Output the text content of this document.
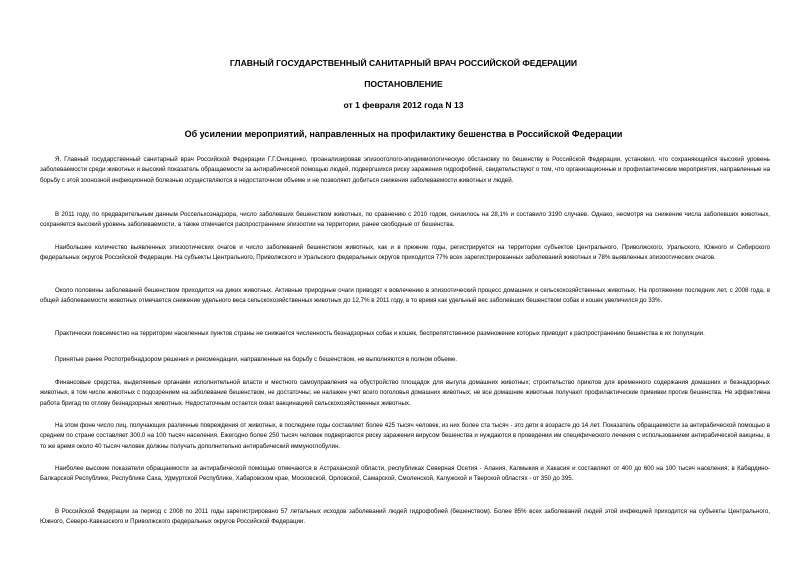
ГЛАВНЫЙ ГОСУДАРСТВЕННЫЙ САНИТАРНЫЙ ВРАЧ РОССИЙСКОЙ ФЕДЕРАЦИИ
ПОСТАНОВЛЕНИЕ
от 1 февраля 2012 года N 13
Об усилении мероприятий, направленных на профилактику бешенства в Российской Федерации

Я, Главный государственный санитарный врач Российской Федерации Г.Г.Онищенко, проанализировав эпизоотолого-эпидемиологическую обстановку по бешенству в Российской Федерации, установил, что сохраняющийся высокий уровень заболеваемости среди животных и высокий показатель обращаемости за антирабической помощью людей, подвергшихся риску заражения гидрофобией, свидетельствуют о том, что организационные и профилактические мероприятия, направленные на борьбу с этой зоонозной инфекционной болезнью осуществляются в недостаточном объеме и не позволяют добиться снижения заболеваемости животных и людей.

В 2011 году, по предварительным данным Россельхознадзора, число заболевших бешенством животных, по сравнению с 2010 годом, снизилось на 28,1% и составило 3190 случаев. Однако, несмотря на снижение числа заболевших животных, сохраняется высокий уровень заболеваемости, а также отмечается распространение эпизоотии на территории, ранее свободные от бешенства.

Наибольшее количество выявленных эпизоотических очагов и число заболеваний бешенством животных, как и в прежние годы, регистрируется на территории субъектов Центрального, Приволжского, Уральского, Южного и Сибирского федеральных округов Российской Федерации. На субъекты Центрального, Приволжского и Уральского федеральных округов приходится 77% всех зарегистрированных заболеваний животных и 78% выявленных эпизоотических очагов.

Около половины заболеваний бешенством приходится на диких животных. Активные природные очаги приводят к вовлечению в эпизоотический процесс домашних и сельскохозяйственных животных. На протяжении последних лет, с 2008 года, в общей заболеваемости животных отмечается снижение удельного веса сельскохозяйственных животных до 12,7% в 2011 году, в то время как удельный вес заболевших бешенством собак и кошек увеличился до 33%.

Практически повсеместно на территории населенных пунктов страны не снижается численность безнадзорных собак и кошек, беспрепятственное размножение которых приводит к распространению бешенства в их популяции.

Принятые ранее Роспотребнадзором решения и рекомендации, направленные на борьбу с бешенством, не выполняются в полном объеме.

Финансовые средства, выделяемые органами исполнительной власти и местного самоуправления на обустройство площадок для выгула домашних животных; строительство приютов для временного содержания домашних и безнадзорных животных, в том числе животных с подозрением на заболевание бешенством, не достаточны; не налажен учет всего поголовья домашних животных; не все домашние животные получают профилактические прививки против бешенства. Не эффективна работа бригад по отлову безнадзорных животных. Недостаточным остается охват вакцинацией сельскохозяйственных животных.

На этом фоне число лиц, получающих различные повреждения от животных, в последние годы составляет более 425 тысяч человек, из них более ста тысяч - это дети в возрасте до 14 лет. Показатель обращаемости за антирабической помощью в среднем по стране составляет 300,0 на 100 тысяч населения. Ежегодно более 250 тысяч человек подвергаются риску заражения вирусом бешенства и нуждаются в проведении им специфического лечения с использованием антирабической вакцины, в то же время около 40 тысяч человек должны получать дополнительно антирабический иммуноглобулин.

Наиболее высокие показатели обращаемости за антирабической помощью отмечаются в Астраханской области, республиках Северная Осетия - Алания, Калмыкия и Хакасия и составляют от 400 до 600 на 100 тысяч населения; в Кабардино-Балкарской Республике, Республике Саха, Удмуртской Республике, Хабаровском крае, Московской, Орловской, Самарской, Смоленской, Калужской и Тверской областях - от 350 до 395.

В Российской Федерации за период с 2008 по 2011 годы зарегистрировано 57 летальных исходов заболеваний людей гидрофобией (бешенством). Более 85% всех заболеваний людей этой инфекцией приходится на субъекты Центрального, Южного, Северо-Кавказского и Приволжского федеральных округов Российской Федерации.
